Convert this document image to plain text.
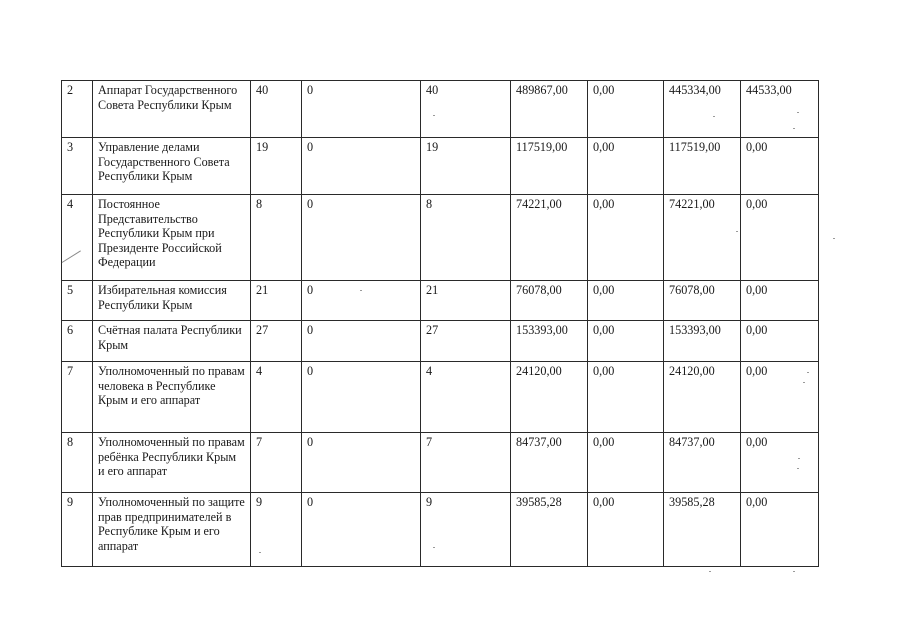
2	Аппарат Государственного Совета Республики Крым	40	0	40	489867,00	0,00	445334,00	44533,00
3	Управление делами Государственного Совета Республики Крым	19	0	19	117519,00	0,00	117519,00	0,00
4	Постоянное Представительство Республики Крым при Президенте Российской Федерации	8	0	8	74221,00	0,00	74221,00	0,00
5	Избирательная комиссия Республики Крым	21	0	21	76078,00	0,00	76078,00	0,00
6	Счётная палата Республики Крым	27	0	27	153393,00	0,00	153393,00	0,00
7	Уполномоченный по правам человека в Республике Крым и его аппарат	4	0	4	24120,00	0,00	24120,00	0,00
8	Уполномоченный по правам ребёнка Республики Крым и его аппарат	7	0	7	84737,00	0,00	84737,00	0,00
9	Уполномоченный по защите прав предпринимателей в Республике Крым и его аппарат	9	0	9	39585,28	0,00	39585,28	0,00
